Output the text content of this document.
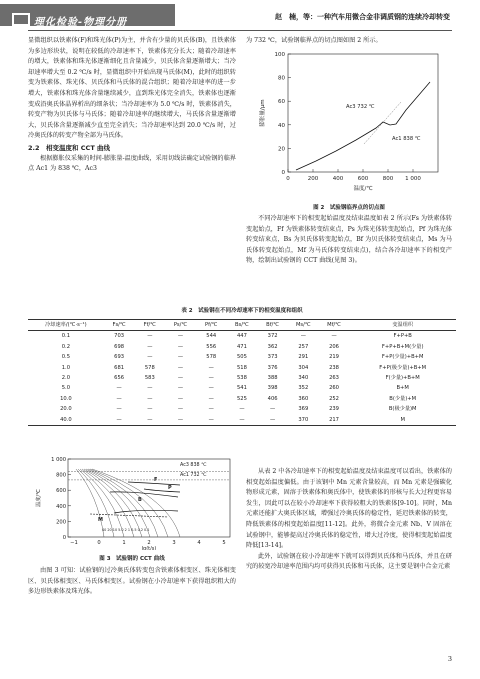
理化检验-物理分册
赵　楠，等：一种汽车用微合金非调质钢的连续冷却转变

显微组织以铁素体(F)和珠光体(P)为主，并含有少量的贝氏体(B)，且铁素体为多边形块状，说明在较低的冷却速率下，铁素体充分长大；随着冷却速率的增大，铁素体和珠光体逐渐细化且含量减少，贝氏体含量逐渐增大；当冷却速率增大至 0.2 ℃/s 时，显微组织中开始出现马氏体(M)，此时的组织转变为铁素体、珠光体、贝氏体和马氏体的混合组织；随着冷却速率的进一步增大，铁素体和珠光体含量继续减少，直到珠光体完全消失，铁素体也逐渐变成沿奥氏体晶界析出的细条状；当冷却速率为 5.0 ℃/s 时，铁素体消失，转变产物为贝氏体与马氏体；随着冷却速率的继续增大，马氏体含量逐渐增大，贝氏体含量逐渐减少直至完全消失；当冷却速率达到 20.0 ℃/s 时，过冷奥氏体的转变产物全部为马氏体。

2.2　相变温度和 CCT 曲线

根据膨胀仪采集的时间-膨胀量-温度曲线，采用切线法确定试验钢的临界点 Ac1 为 838 ℃，Ac3

为 732 ℃，试验钢临界点的切点图如图 2 所示。

0
20
40
60
80
100
0	200	400	600	800 1 000
温度/℃
膨胀量/μm	Ac3 732 ℃
Ac1 838 ℃
图 2　试验钢临界点的切点图

不同冷却速率下的相变起始温度及结束温度如表 2 所示(Fs 为铁素体转变起始点，Ff 为铁素体转变结束点，Ps 为珠光体转变起始点，Pf 为珠光体转变结束点，Bs 为贝氏体转变起始点，Bf 为贝氏体转变结束点，Ms 为马氏体转变起始点，Mf 为马氏体转变结束点)，结合各冷却速率下的相变产物，绘制出试验钢的 CCT 曲线(见图 3)。

表 2　试验钢在不同冷却速率下的相变温度和组织
冷却速率/(℃·s⁻¹)	Fs/℃	Ff/℃	Ps/℃	Pf/℃	Bs/℃	Bf/℃	Ms/℃	Mf/℃	变温组织
0.1	703	—	—	544	447	372	—	—	F+P+B
0.2	698	—	—	556	471	362	257	206	F+P+B+M(少量)
0.5	693	—	—	578	505	373	291	219	F+P(少量)+B+M
1.0	681	578	—	—	518	376	304	238	F+P(极少量)+B+M
2.0	656	583	—	—	538	388	340	263	F(少量)+B+M
5.0	—	—	—	—	541	398	352	260	B+M
10.0	—	—	—	—	525	406	360	252	B(少量)+M
20.0	—	—	—	—	—	—	369	239	B(极少量)M
40.0	—	—	—	—	—	—	370	217	M
0
200
400
600
800
1 000
−1	0	1	2	3	4	5
lg(t/s)
温度/℃
Ac3 838 ℃
Ac1 732 ℃
F
P
B
M
40 20 10 5.0 2 1 0.5 0.2 0.1
图 3　试验钢的 CCT 曲线

由图 3 可知：试验钢的过冷奥氏体转变包含铁素体相变区、珠光体相变区、贝氏体相变区、马氏体相变区。试验钢在小冷却速率下获得组织粗大的多边形铁素体及珠光体。

从表 2 中各冷却速率下的相变起始温度及结束温度可以看出，铁素体的相变起始温度偏低。由于该钢中 Mn 元素含量较高，而 Mn 元素是强碳化物形成元素，固溶于铁素体和奥氏体中，使铁素体的形核与长大过程更容易发生，因此可以在较小冷却速率下获得较粗大的铁素体[9-10]。同时，Mn 元素还能扩大奥氏体区域，增强过冷奥氏体的稳定性，延迟铁素体的转变，降低铁素体的相变起始温度[11-12]。此外，将微合金元素 Nb、V 固溶在试验钢中，能够提高过冷奥氏体的稳定性，增大过冷度，使得相变起始温度降低[13-14]。

此外，试验钢在较小冷却速率下就可以得到贝氏体和马氏体，并且在研究的较宽冷却速率范围内均可获得贝氏体和马氏体，这主要是钢中合金元素

3
